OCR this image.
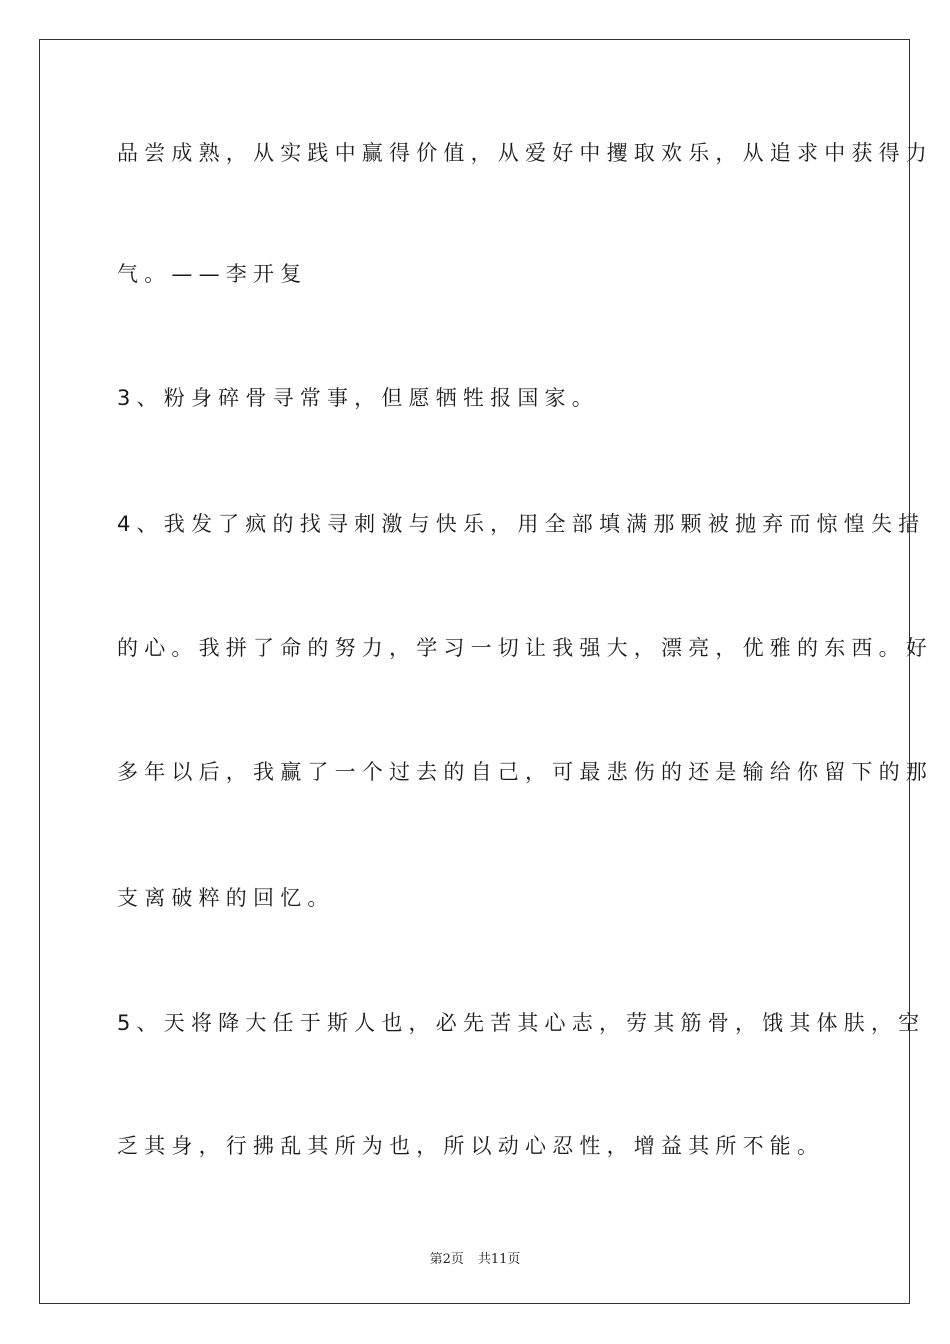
品尝成熟，从实践中赢得价值，从爱好中攫取欢乐，从追求中获得力
气。——李开复
3、粉身碎骨寻常事，但愿牺牲报国家。
4、我发了疯的找寻刺激与快乐，用全部填满那颗被抛弃而惊惶失措
的心。我拼了命的努力，学习一切让我强大，漂亮，优雅的东西。好
多年以后，我赢了一个过去的自己，可最悲伤的还是输给你留下的那
支离破粹的回忆。
5、天将降大任于斯人也，必先苦其心志，劳其筋骨，饿其体肤，空
乏其身，行拂乱其所为也，所以动心忍性，增益其所不能。
第2页 共11页
